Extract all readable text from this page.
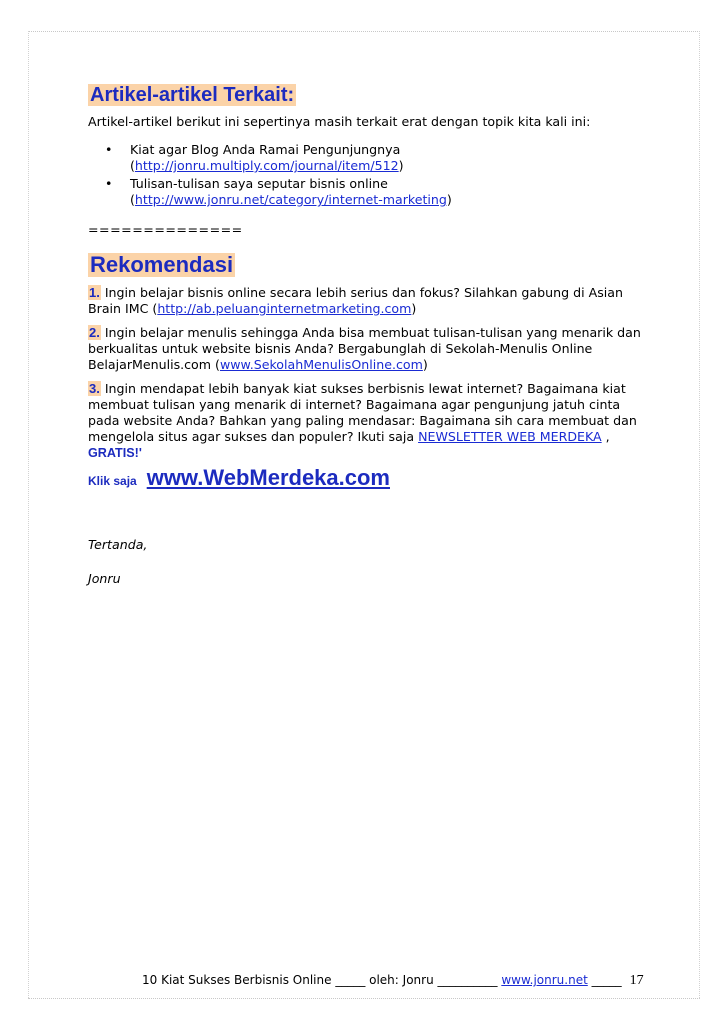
Artikel-artikel Terkait:

Artikel-artikel berikut ini sepertinya masih terkait erat dengan topik kita kali ini:

• Kiat agar Blog Anda Ramai Pengunjungnya
(http://jonru.multiply.com/journal/item/512)
• Tulisan-tulisan saya seputar bisnis online
(http://www.jonru.net/category/internet-marketing)
==============
Rekomendasi

1. Ingin belajar bisnis online secara lebih serius dan fokus? Silahkan gabung di Asian Brain IMC (http://ab.peluanginternetmarketing.com)

2. Ingin belajar menulis sehingga Anda bisa membuat tulisan-tulisan yang menarik dan berkualitas untuk website bisnis Anda? Bergabunglah di Sekolah-Menulis Online BelajarMenulis.com (www.SekolahMenulisOnline.com)

3. Ingin mendapat lebih banyak kiat sukses berbisnis lewat internet? Bagaimana kiat membuat tulisan yang menarik di internet? Bagaimana agar pengunjung jatuh cinta pada website Anda? Bahkan yang paling mendasar: Bagaimana sih cara membuat dan mengelola situs agar sukses dan populer? Ikuti saja NEWSLETTER WEB MERDEKA ,
GRATIS!'

Klik saja www.WebMerdeka.com

Tertanda,

Jonru

10 Kiat Sukses Berbisnis Online _____ oleh: Jonru __________ www.jonru.net _____ 17
